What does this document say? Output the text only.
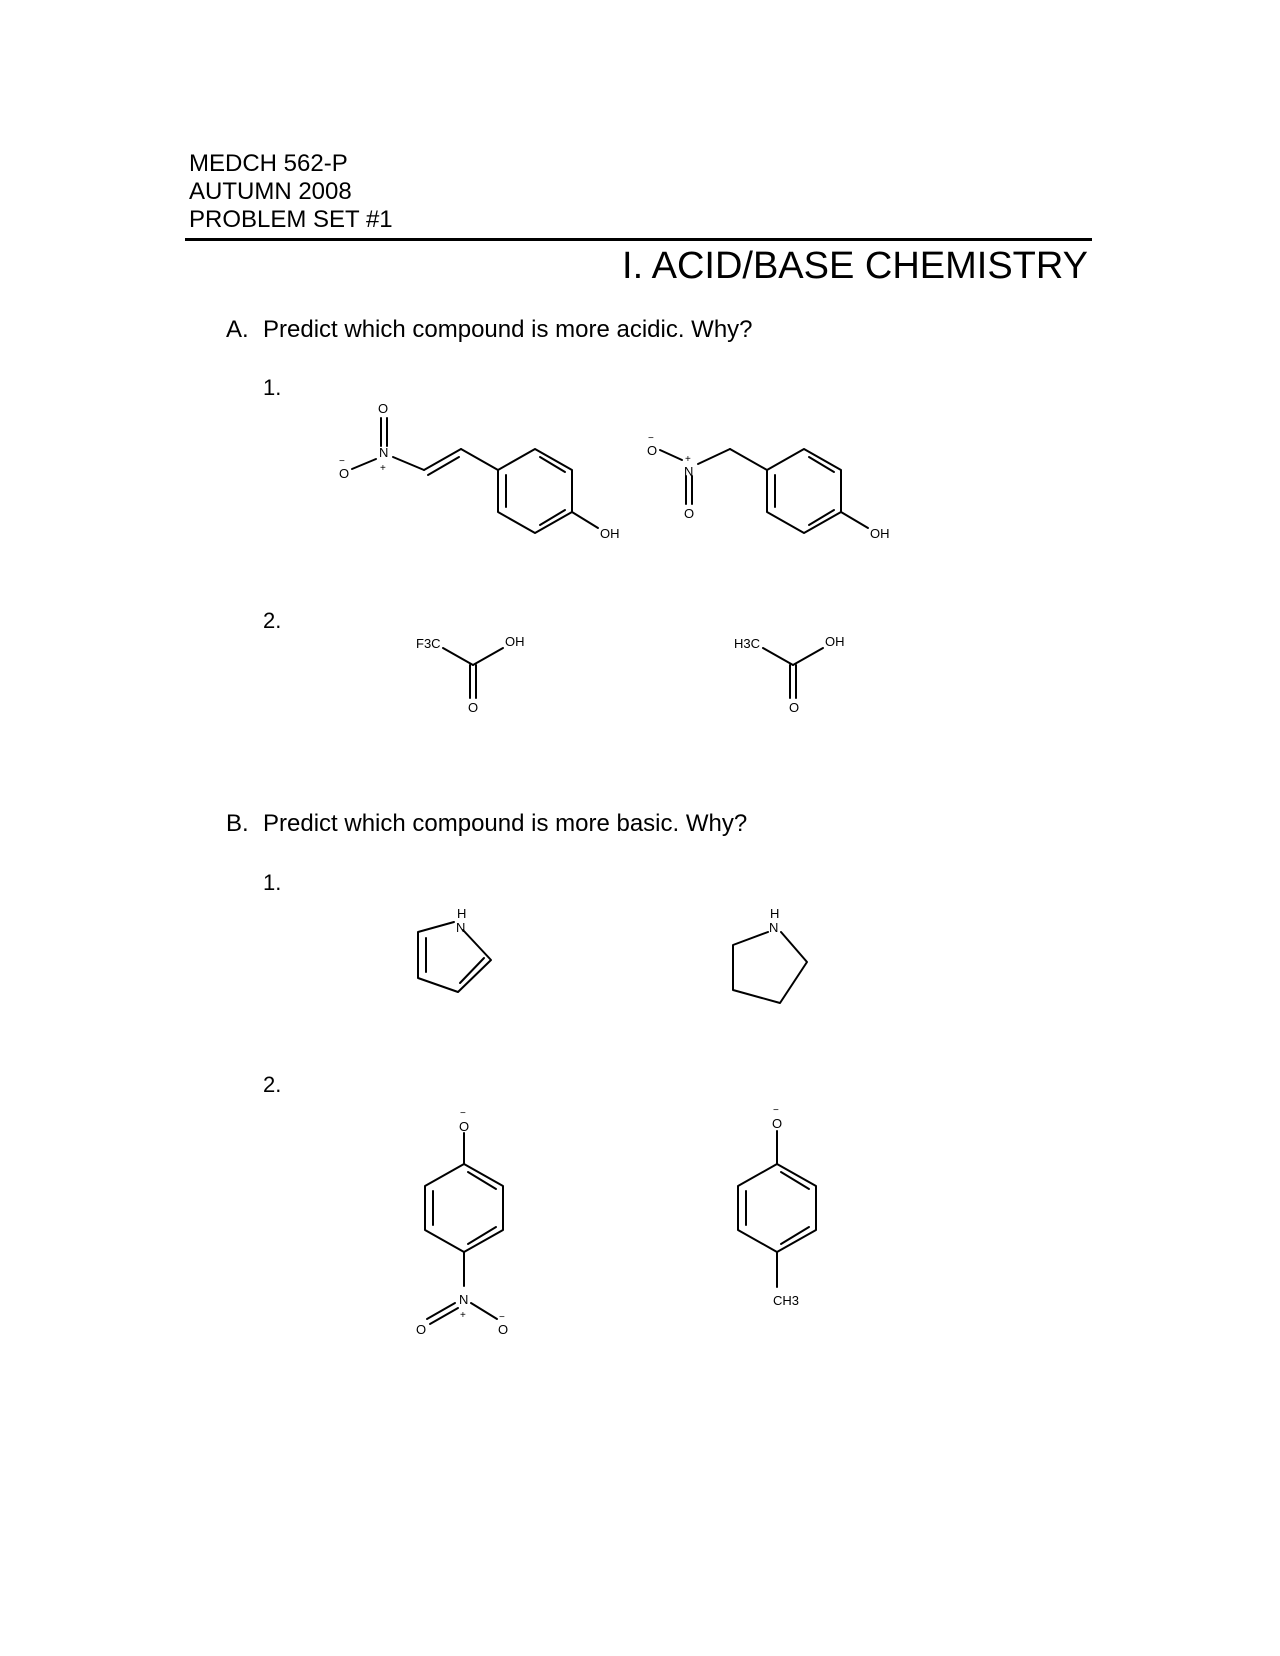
MEDCH 562-P
AUTUMN 2008
PROBLEM SET #1
I. ACID/BASE CHEMISTRY
A. Predict which compound is more acidic. Why?
1.
2.
B. Predict which compound is more basic. Why?
1.
2.
N
+
O
O
−
OH
N
+
O
O
−
OH
F3C	OH
O
H3C	OH
O
H
N
H
N
O
−
N
+
O	O
−
O
−
CH3
